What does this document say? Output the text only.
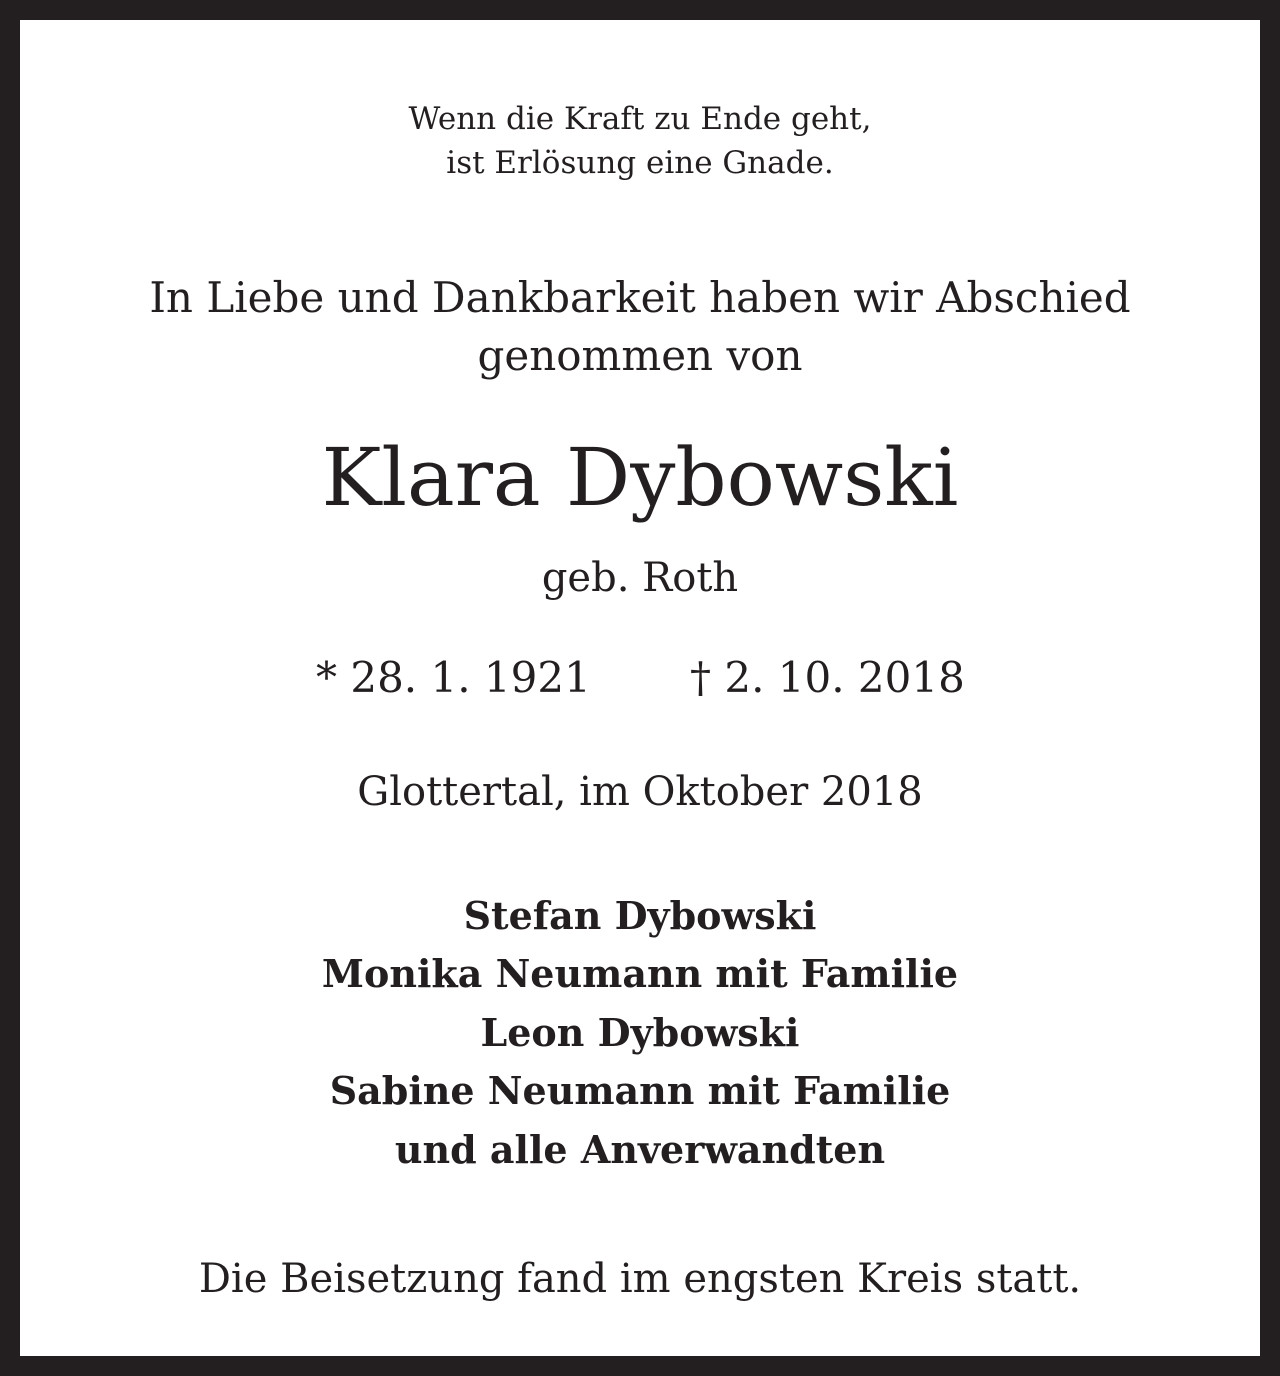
Wenn die Kraft zu Ende geht,
ist Erlösung eine Gnade.
In Liebe und Dankbarkeit haben wir Abschied
genommen von
Klara Dybowski
geb. Roth
* 28. 1. 1921 † 2. 10. 2018
Glottertal, im Oktober 2018
Stefan Dybowski
Monika Neumann mit Familie
Leon Dybowski
Sabine Neumann mit Familie
und alle Anverwandten
Die Beisetzung fand im engsten Kreis statt.
